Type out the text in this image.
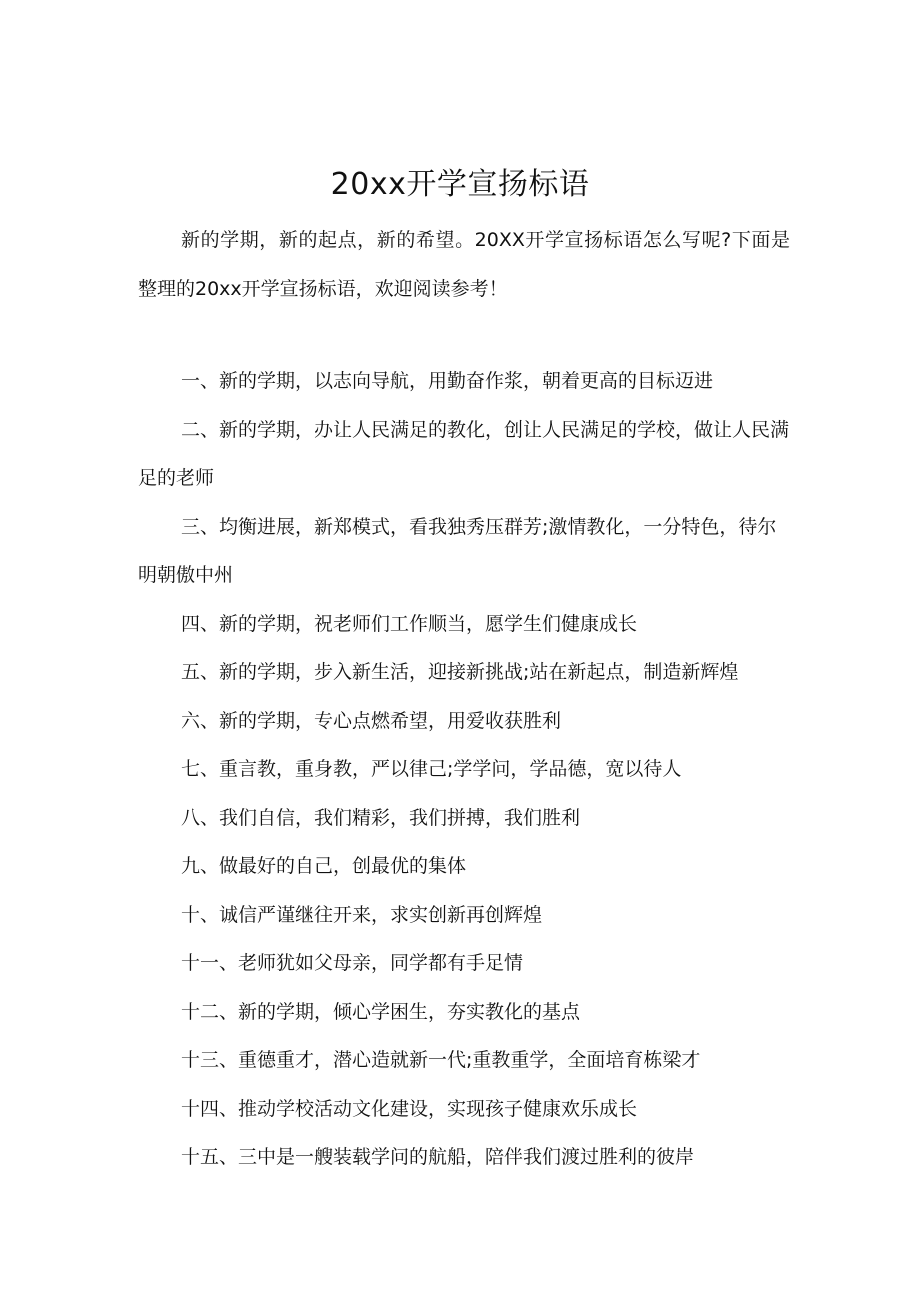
20xx开学宣扬标语

新的学期，新的起点，新的希望。20XX开学宣扬标语怎么写呢?下面是整理的20xx开学宣扬标语，欢迎阅读参考！

一、新的学期，以志向导航，用勤奋作浆，朝着更高的目标迈进
二、新的学期，办让人民满足的教化，创让人民满足的学校，做让人民满足的老师
三、均衡进展，新郑模式，看我独秀压群芳;激情教化，一分特色，待尔明朝傲中州
四、新的学期，祝老师们工作顺当，愿学生们健康成长
五、新的学期，步入新生活，迎接新挑战;站在新起点，制造新辉煌
六、新的学期，专心点燃希望，用爱收获胜利
七、重言教，重身教，严以律己;学学问，学品德，宽以待人
八、我们自信，我们精彩，我们拼搏，我们胜利
九、做最好的自己，创最优的集体
十、诚信严谨继往开来，求实创新再创辉煌
十一、老师犹如父母亲，同学都有手足情
十二、新的学期，倾心学困生，夯实教化的基点
十三、重德重才，潜心造就新一代;重教重学，全面培育栋梁才
十四、推动学校活动文化建设，实现孩子健康欢乐成长
十五、三中是一艘装载学问的航船，陪伴我们渡过胜利的彼岸
